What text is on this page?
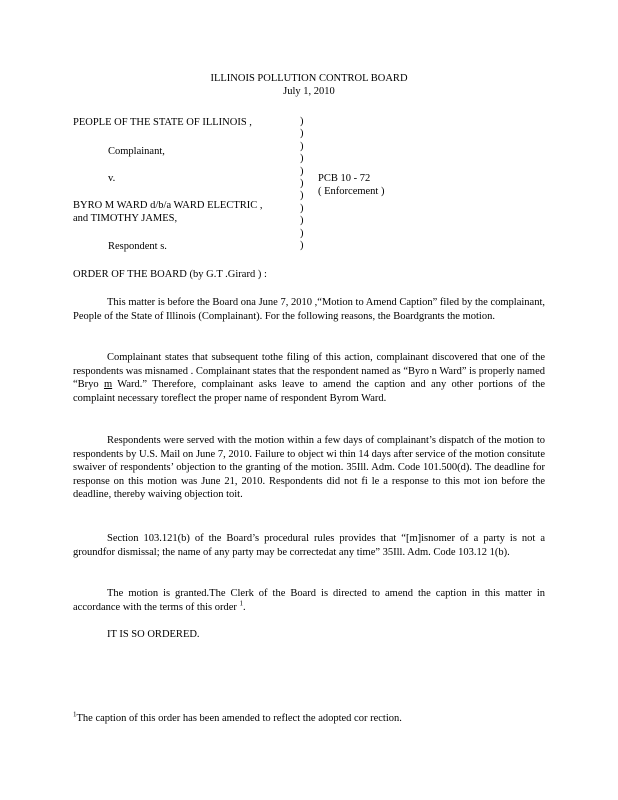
ILLINOIS POLLUTION CONTROL BOARD
July 1, 2010
PEOPLE OF THE STATE OF ILLINOIS ,
Complainant,
v.
BYRO M WARD d/b/a WARD ELECTRIC ,
and TIMOTHY JAMES,
Respondent s.
)
)
)
)
)
)
)
)
)
)
)
PCB 10 - 72
( Enforcement )
ORDER OF THE BOARD (by G.T .Girard ) :
This matter is before the Board ona June 7, 2010 ,“Motion to Amend Caption” filed by the complainant, People of the State of Illinois (Complainant). For the following reasons, the Boardgrants the motion.
Complainant states that subsequent tothe filing of this action, complainant discovered that one of the respondents was misnamed . Complainant states that the respondent named as “Byro n Ward” is properly named “Bryo m Ward.” Therefore, complainant asks leave to amend the caption and any other portions of the complaint necessary toreflect the proper name of respondent Byrom Ward.
Respondents were served with the motion within a few days of complainant’s dispatch of the motion to respondents by U.S. Mail on June 7, 2010. Failure to object wi thin 14 days after service of the motion consitute swaiver of respondents’ objection to the granting of the motion. 35Ill. Adm. Code 101.500(d). The deadline for response on this motion was June 21, 2010. Respondents did not fi le a response to this mot ion before the deadline, thereby waiving objection toit.
Section 103.121(b) of the Board’s procedural rules provides that “[m]isnomer of a party is not a groundfor dismissal; the name of any party may be correctedat any time” 35Ill. Adm. Code 103.12 1(b).
The motion is granted.The Clerk of the Board is directed to amend the caption in this matter in accordance with the terms of this order $^1$.
IT IS SO ORDERED.
$^1$The caption of this order has been amended to reflect the adopted cor rection.
